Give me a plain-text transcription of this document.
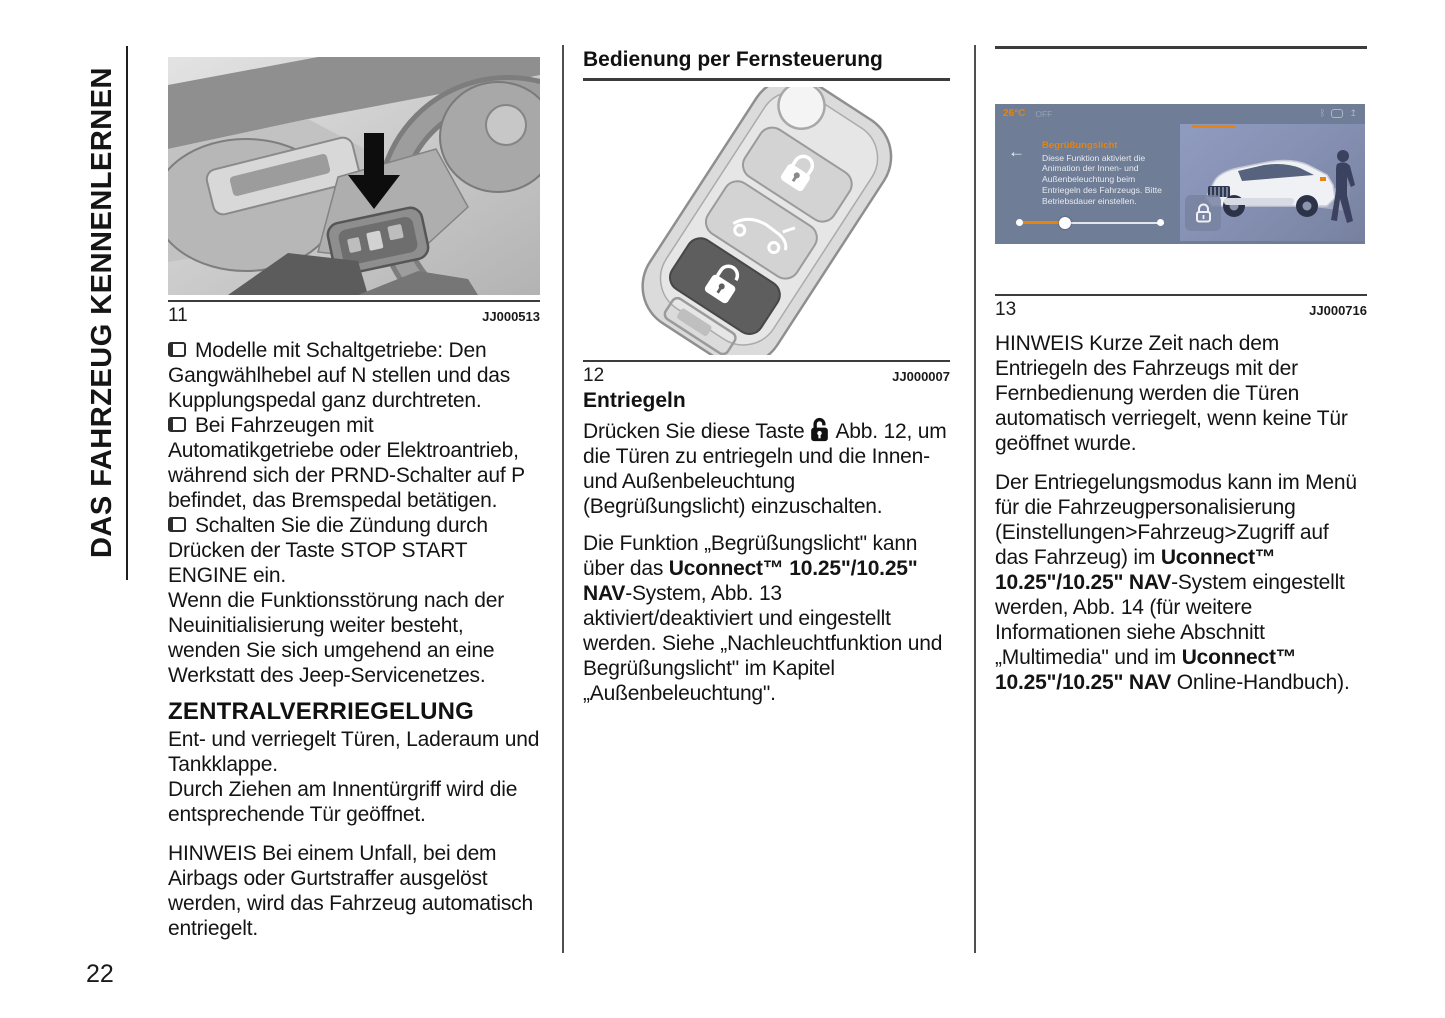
DAS FAHRZEUG KENNENLERNEN
22
11	JJ000513

Modelle mit Schaltgetriebe: Den Gangwählhebel auf N stellen und das Kupplungspedal ganz durchtreten.

Bei Fahrzeugen mit Automatikgetriebe oder Elektroantrieb, während sich der PRND-Schalter auf P befindet, das Bremspedal betätigen.

Schalten Sie die Zündung durch Drücken der Taste STOP START ENGINE ein.

Wenn die Funktionsstörung nach der Neuinitialisierung weiter besteht, wenden Sie sich umgehend an eine Werkstatt des Jeep-Servicenetzes.

ZENTRALVERRIEGELUNG

Ent- und verriegelt Türen, Laderaum und Tankklappe.

Durch Ziehen am Innentürgriff wird die entsprechende Tür geöffnet.

HINWEIS Bei einem Unfall, bei dem Airbags oder Gurtstraffer ausgelöst werden, wird das Fahrzeug automatisch entriegelt.

Bedienung per Fernsteuerung
12	JJ000007
Entriegeln

Drücken Sie diese Taste Abb. 12, um die Türen zu entriegeln und die Innen- und Außenbeleuchtung (Begrüßungslicht) einzuschalten.

Die Funktion „Begrüßungslicht" kann über das Uconnect™ 10.25"/10.25" NAV-System, Abb. 13 aktiviert/deaktiviert und eingestellt werden. Siehe „Nachleuchtfunktion und Begrüßungslicht" im Kapitel „Außenbeleuchtung".

26°C OFF	ᛒ	↥
← Begrüßungslicht
Diese Funktion aktiviert die Animation der Innen- und Außenbeleuchtung beim Entriegeln des Fahrzeugs. Bitte Betriebsdauer einstellen.
13	JJ000716

HINWEIS Kurze Zeit nach dem Entriegeln des Fahrzeugs mit der Fernbedienung werden die Türen automatisch verriegelt, wenn keine Tür geöffnet wurde.

Der Entriegelungsmodus kann im Menü für die Fahrzeugpersonalisierung (Einstellungen>Fahrzeug>Zugriff auf das Fahrzeug) im Uconnect™ 10.25"/10.25" NAV-System eingestellt werden, Abb. 14 (für weitere Informationen siehe Abschnitt „Multimedia" und im Uconnect™ 10.25"/10.25" NAV Online-Handbuch).
